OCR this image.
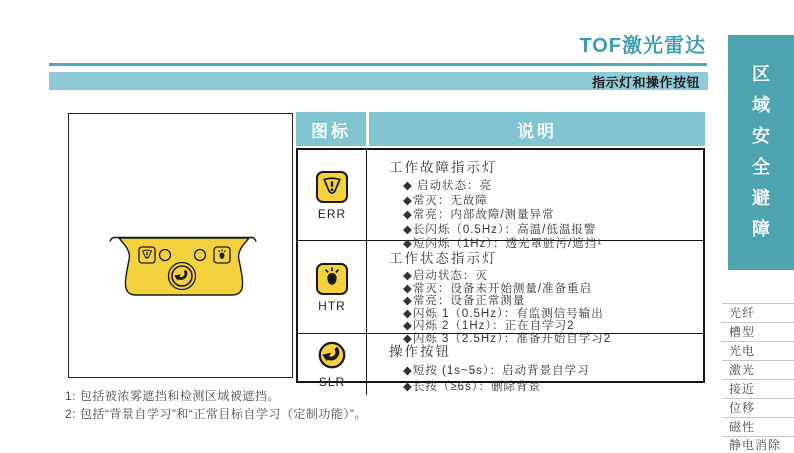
TOF激光雷达
指示灯和操作按钮
图标	说明
ERR
工作故障指示灯
◆ 启动状态：亮
◆常灭：无故障
◆常亮：内部故障/测量异常
◆长闪烁（0.5Hz）：高温/低温报警
◆短闪烁（1Hz）：透光罩脏污/遮挡¹
HTR
工作状态指示灯
◆启动状态：灭
◆常灭：设备未开始测量/准备重启
◆常亮：设备正常测量
◆闪烁 1（0.5Hz）：有监测信号输出
◆闪烁 2（1Hz）：正在自学习2
◆闪烁 3（2.5Hz）：准备开始自学习2
SLR
操作按钮
◆短按 (1s~5s）：启动背景自学习
◆长按（≥6s）：删除背景
1: 包括被浓雾遮挡和检测区域被遮挡。
2: 包括“背景自学习”和“正常目标自学习（定制功能）”。
区
域
安
全
避
障
光纤
槽型
光电
激光
接近
位移
磁性
静电消除
